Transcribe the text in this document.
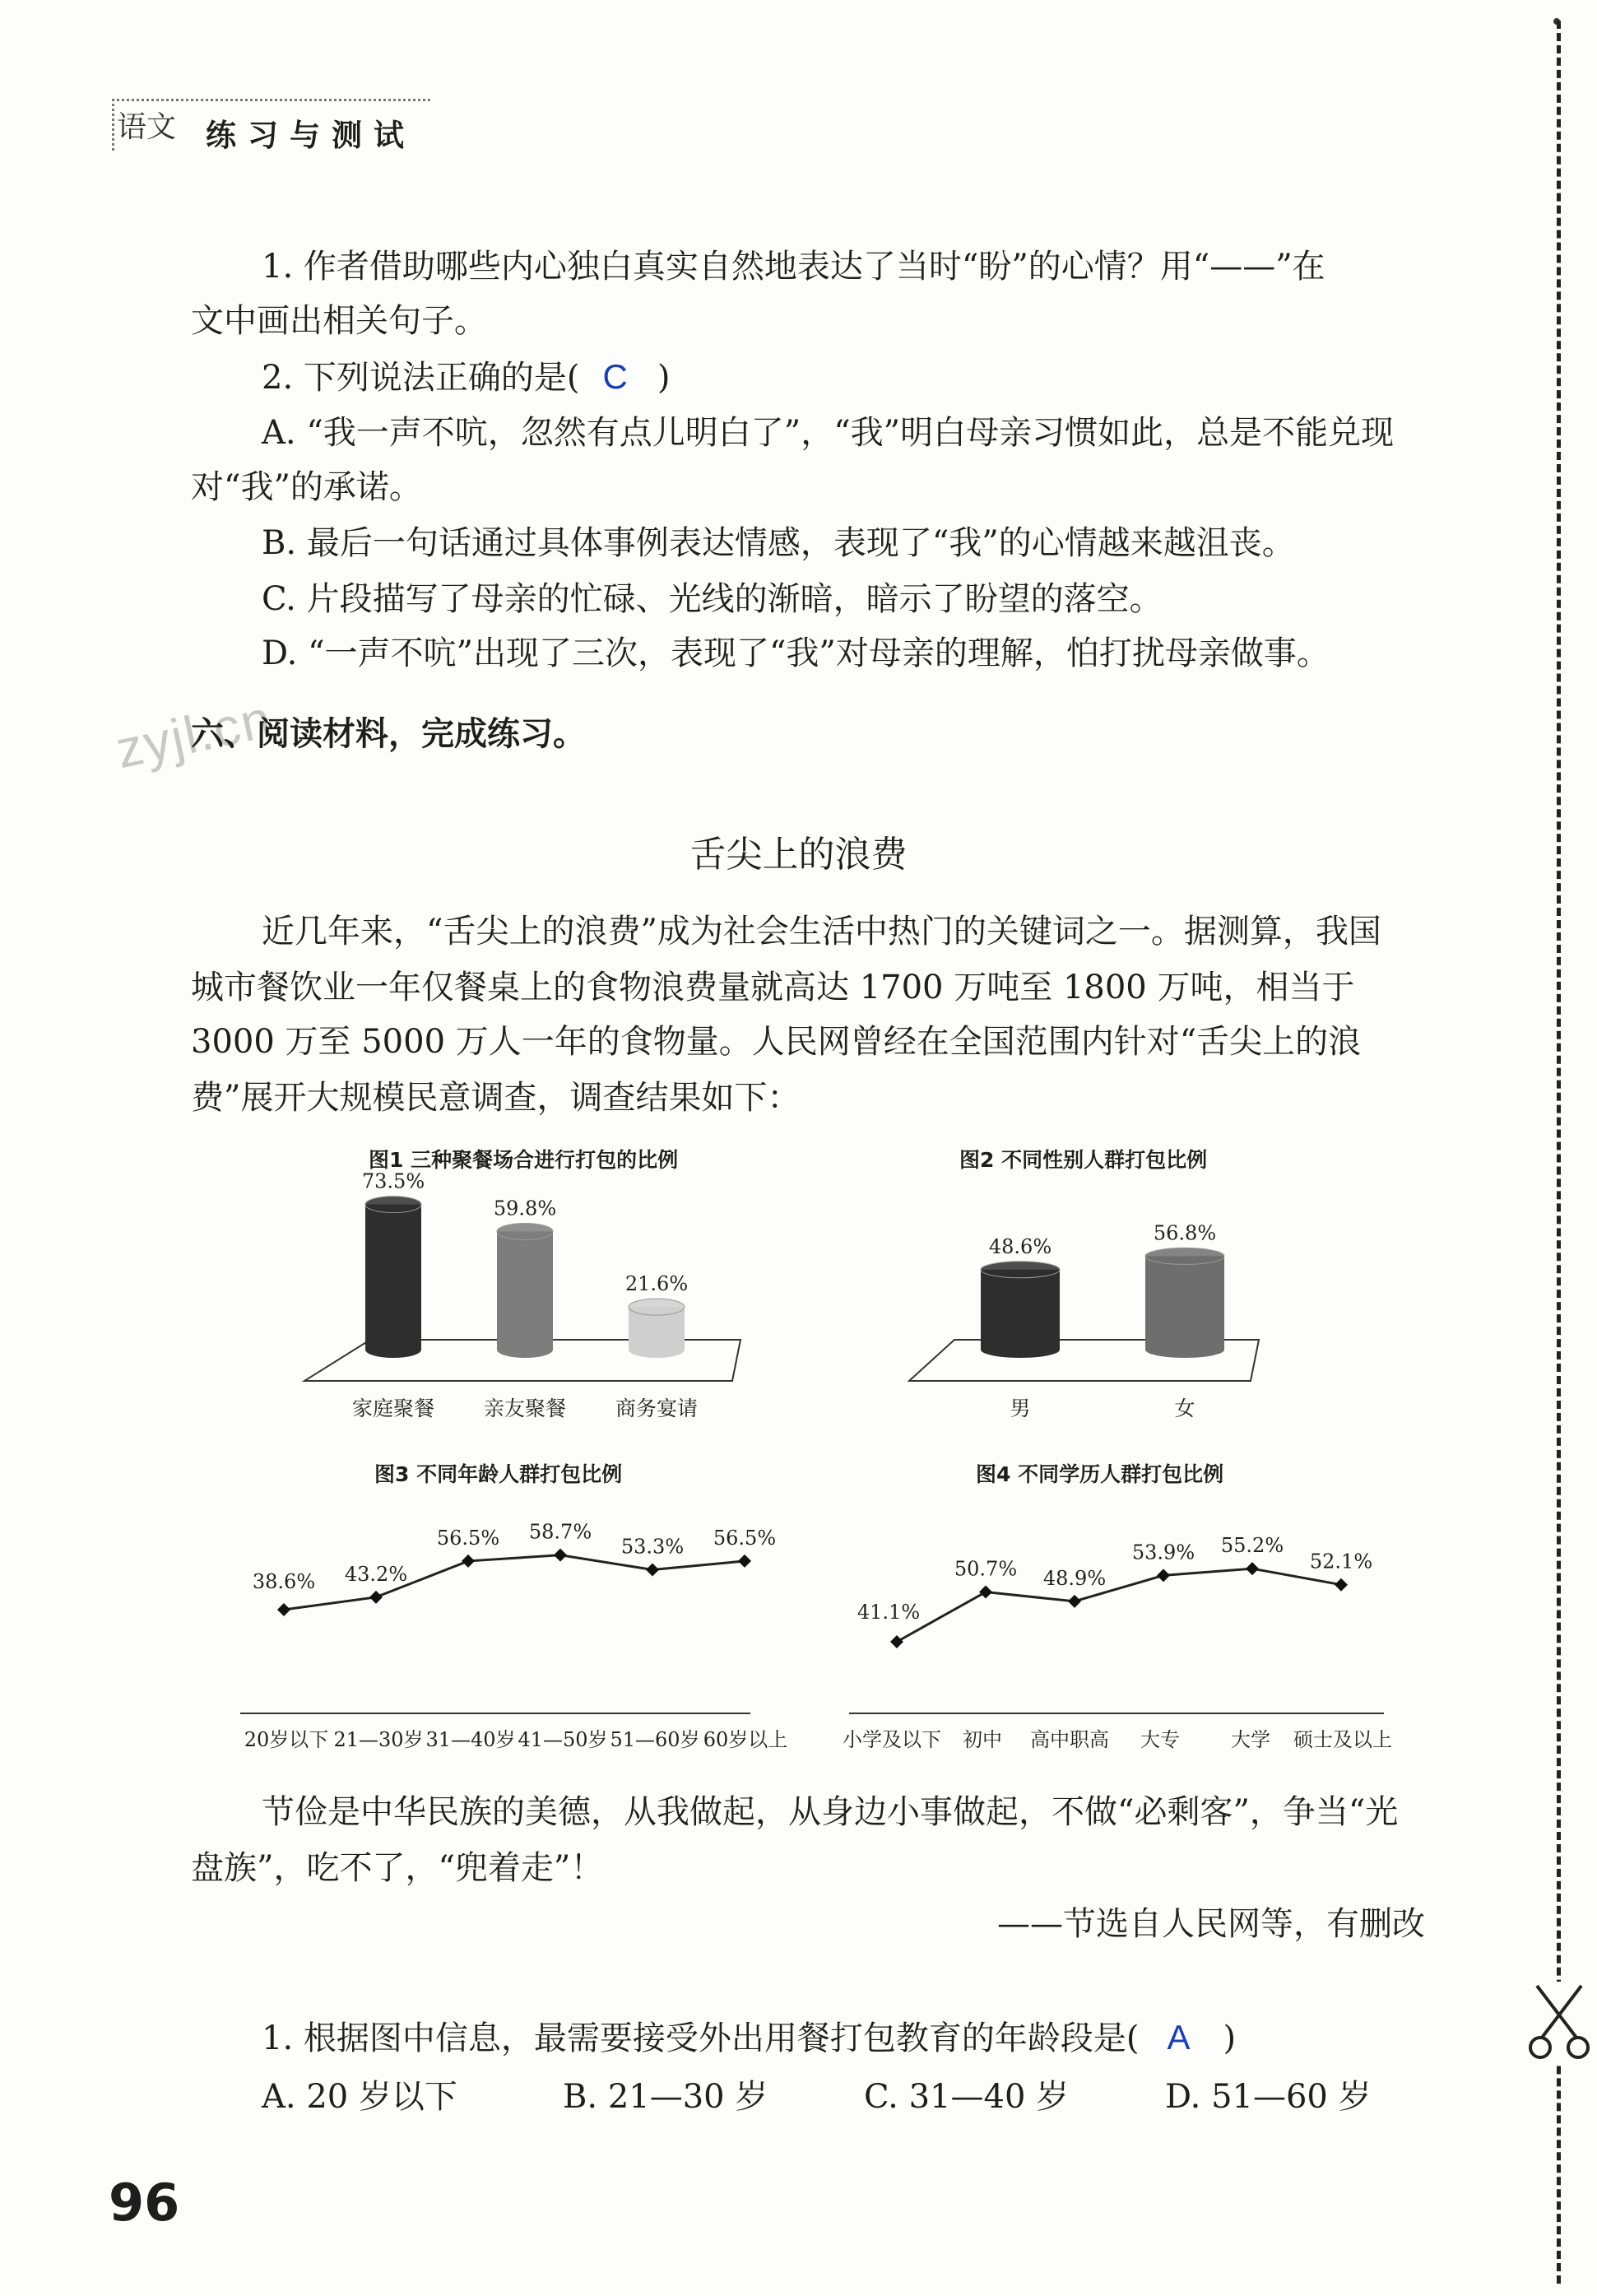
语文 练习与测试

1. 作者借助哪些内心独白真实自然地表达了当时“盼”的心情？用“——”在

文中画出相关句子。

2. 下列说法正确的是( C )

A. “我一声不吭，忽然有点儿明白了”，“我”明白母亲习惯如此，总是不能兑现

对“我”的承诺。

B. 最后一句话通过具体事例表达情感，表现了“我”的心情越来越沮丧。

C. 片段描写了母亲的忙碌、光线的渐暗，暗示了盼望的落空。

D. “一声不吭”出现了三次，表现了“我”对母亲的理解，怕打扰母亲做事。

zyjl.cn

六、阅读材料，完成练习。

舌尖上的浪费

近几年来，“舌尖上的浪费”成为社会生活中热门的关键词之一。据测算，我国

城市餐饮业一年仅餐桌上的食物浪费量就高达 1700 万吨至 1800 万吨，相当于

3000 万至 5000 万人一年的食物量。人民网曾经在全国范围内针对“舌尖上的浪

费”展开大规模民意调查，调查结果如下：

图1 三种聚餐场合进行打包的比例
73.5%
家庭聚餐
59.8%
亲友聚餐
21.6%
商务宴请
图2 不同性别人群打包比例
48.6%
男
56.8%
女
图3 不同年龄人群打包比例
38.6% 43.2%
56.5% 58.7%
53.3% 56.5%
20岁以下 21—30岁 31—40岁 41—50岁 51—60岁 60岁以上
图4 不同学历人群打包比例
41.1%
50.7% 48.9%
53.9% 55.2%
52.1%
小学及以下 初中 高中职高 大专	大学 硕士及以上

节俭是中华民族的美德，从我做起，从身边小事做起，不做“必剩客”，争当“光

盘族”，吃不了，“兜着走”！

——节选自人民网等，有删改

1. 根据图中信息，最需要接受外出用餐打包教育的年龄段是( A )

A. 20 岁以下	B. 21—30 岁	C. 31—40 岁	D. 51—60 岁

96
